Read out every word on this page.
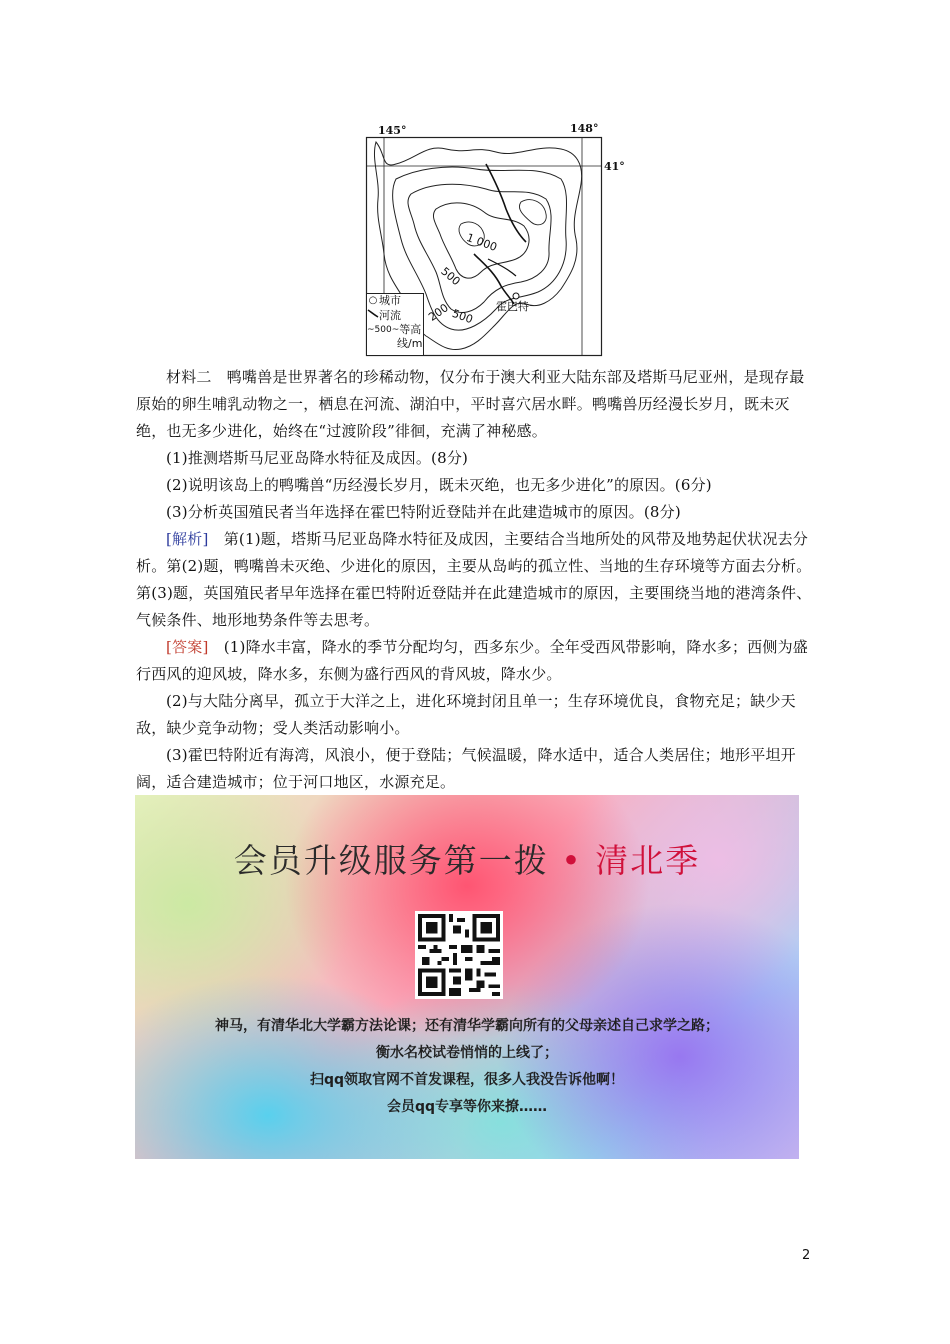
145°	148°
41°
1 000
500
200 500
霍巴特
○ 城市
河流
~500~ 等高
线/m

材料二　鸭嘴兽是世界著名的珍稀动物，仅分布于澳大利亚大陆东部及塔斯马尼亚州，是现存最原始的卵生哺乳动物之一，栖息在河流、湖泊中，平时喜穴居水畔。鸭嘴兽历经漫长岁月，既未灭绝，也无多少进化，始终在“过渡阶段”徘徊，充满了神秘感。

(1)推测塔斯马尼亚岛降水特征及成因。(8分)

(2)说明该岛上的鸭嘴兽“历经漫长岁月，既未灭绝，也无多少进化”的原因。(6分)

(3)分析英国殖民者当年选择在霍巴特附近登陆并在此建造城市的原因。(8分)

[解析]　第(1)题，塔斯马尼亚岛降水特征及成因，主要结合当地所处的风带及地势起伏状况去分析。第(2)题，鸭嘴兽未灭绝、少进化的原因，主要从岛屿的孤立性、当地的生存环境等方面去分析。第(3)题，英国殖民者早年选择在霍巴特附近登陆并在此建造城市的原因，主要围绕当地的港湾条件、气候条件、地形地势条件等去思考。

[答案]　(1)降水丰富，降水的季节分配均匀，西多东少。全年受西风带影响，降水多；西侧为盛行西风的迎风坡，降水多，东侧为盛行西风的背风坡，降水少。

(2)与大陆分离早，孤立于大洋之上，进化环境封闭且单一；生存环境优良，食物充足；缺少天敌，缺少竞争动物；受人类活动影响小。

(3)霍巴特附近有海湾，风浪小，便于登陆；气候温暖，降水适中，适合人类居住；地形平坦开阔，适合建造城市；位于河口地区，水源充足。

会员升级服务第一拨 • 清北季
神马，有清华北大学霸方法论课；还有清华学霸向所有的父母亲述自己求学之路；
衡水名校试卷悄悄的上线了；
扫qq领取官网不首发课程，很多人我没告诉他啊！
会员qq专享等你来撩……
2
